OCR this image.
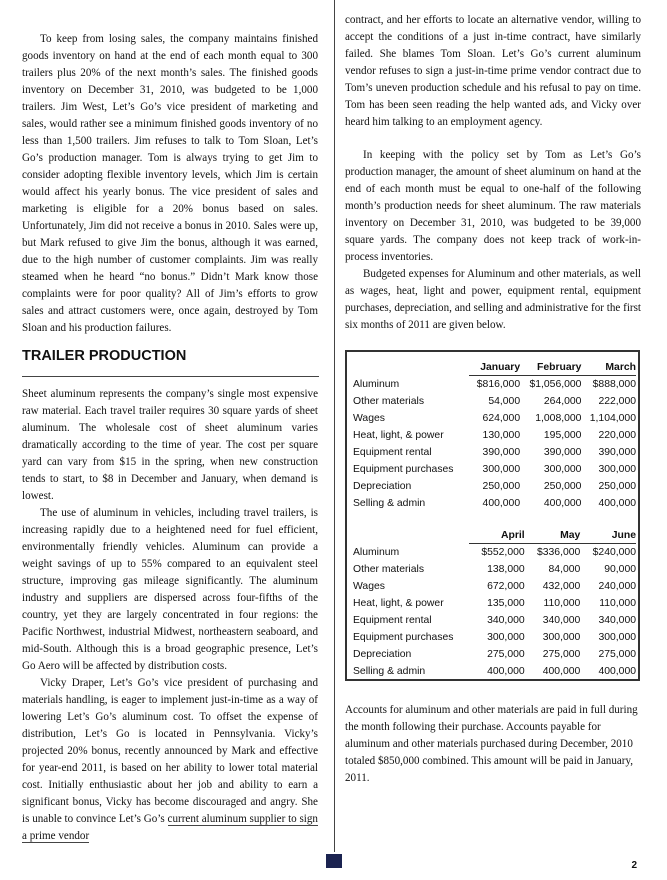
To keep from losing sales, the company maintains finished goods inventory on hand at the end of each month equal to 300 trailers plus 20% of the next month’s sales. The finished goods inventory on December 31, 2010, was budgeted to be 1,000 trailers. Jim West, Let’s Go’s vice president of marketing and sales, would rather see a minimum finished goods inventory of no less than 1,500 trailers. Jim refuses to talk to Tom Sloan, Let’s Go’s production manager. Tom is always trying to get Jim to consider adopting flexible inventory levels, which Jim is certain would affect his yearly bonus. The vice president of sales and marketing is eligible for a 20% bonus based on sales. Unfortunately, Jim did not receive a bonus in 2010. Sales were up, but Mark refused to give Jim the bonus, although it was earned, due to the high number of customer complaints. Jim was really steamed when he heard “no bonus.” Didn’t Mark know those complaints were for poor quality? All of Jim’s efforts to grow sales and attract customers were, once again, destroyed by Tom Sloan and his production failures.

TRAILER PRODUCTION

Sheet aluminum represents the company’s single most expensive raw material. Each travel trailer requires 30 square yards of sheet aluminum. The wholesale cost of sheet aluminum varies dramatically according to the time of year. The cost per square yard can vary from $15 in the spring, when new construction tends to start, to $8 in December and January, when demand is lowest.

The use of aluminum in vehicles, including travel trailers, is increasing rapidly due to a heightened need for fuel efficient, environmentally friendly vehicles. Aluminum can provide a weight savings of up to 55% compared to an equivalent steel structure, improving gas mileage significantly. The aluminum industry and suppliers are dispersed across four-fifths of the country, yet they are largely concentrated in four regions: the Pacific Northwest, industrial Midwest, northeastern seaboard, and mid-South. Although this is a broad geographic presence, Let’s Go Aero will be affected by distribution costs.

Vicky Draper, Let’s Go’s vice president of purchasing and materials handling, is eager to implement just-in-time as a way of lowering Let’s Go’s aluminum cost. To offset the expense of distribution, Let’s Go is located in Pennsylvania. Vicky’s projected 20% bonus, recently announced by Mark and effective for year-end 2011, is based on her ability to lower total material cost. Initially enthusiastic about her job and ability to earn a significant bonus, Vicky has become discouraged and angry. She is unable to convince Let’s Go’s current aluminum supplier to sign a prime vendor

contract, and her efforts to locate an alternative vendor, willing to accept the conditions of a just in-time contract, have similarly failed. She blames Tom Sloan. Let’s Go’s current aluminum vendor refuses to sign a just-in-time prime vendor contract due to Tom’s uneven production schedule and his refusal to pay on time. Tom has been seen reading the help wanted ads, and Vicky over heard him talking to an employment agency.

In keeping with the policy set by Tom as Let’s Go’s production manager, the amount of sheet aluminum on hand at the end of each month must be equal to one-half of the following month’s production needs for sheet aluminum. The raw materials inventory on December 31, 2010, was budgeted to be 39,000 square yards. The company does not keep track of work-in-process inventories.

Budgeted expenses for Aluminum and other materials, as well as wages, heat, light and power, equipment rental, equipment purchases, depreciation, and selling and administrative for the first six months of 2011 are given below.

	January	February	March
Aluminum	$816,000	$1,056,000	$888,000
Other materials	54,000	264,000	222,000
Wages	624,000	1,008,000	1,104,000
Heat, light, & power	130,000	195,000	220,000
Equipment rental	390,000	390,000	390,000
Equipment purchases	300,000	300,000	300,000
Depreciation	250,000	250,000	250,000
Selling & admin	400,000	400,000	400,000
	April	May	June
Aluminum	$552,000	$336,000	$240,000
Other materials	138,000	84,000	90,000
Wages	672,000	432,000	240,000
Heat, light, & power	135,000	110,000	110,000
Equipment rental	340,000	340,000	340,000
Equipment purchases	300,000	300,000	300,000
Depreciation	275,000	275,000	275,000
Selling & admin	400,000	400,000	400,000

Accounts for aluminum and other materials are paid in full during the month following their purchase. Accounts payable for aluminum and other materials purchased during December, 2010 totaled $850,000 combined. This amount will be paid in January, 2011.

2
